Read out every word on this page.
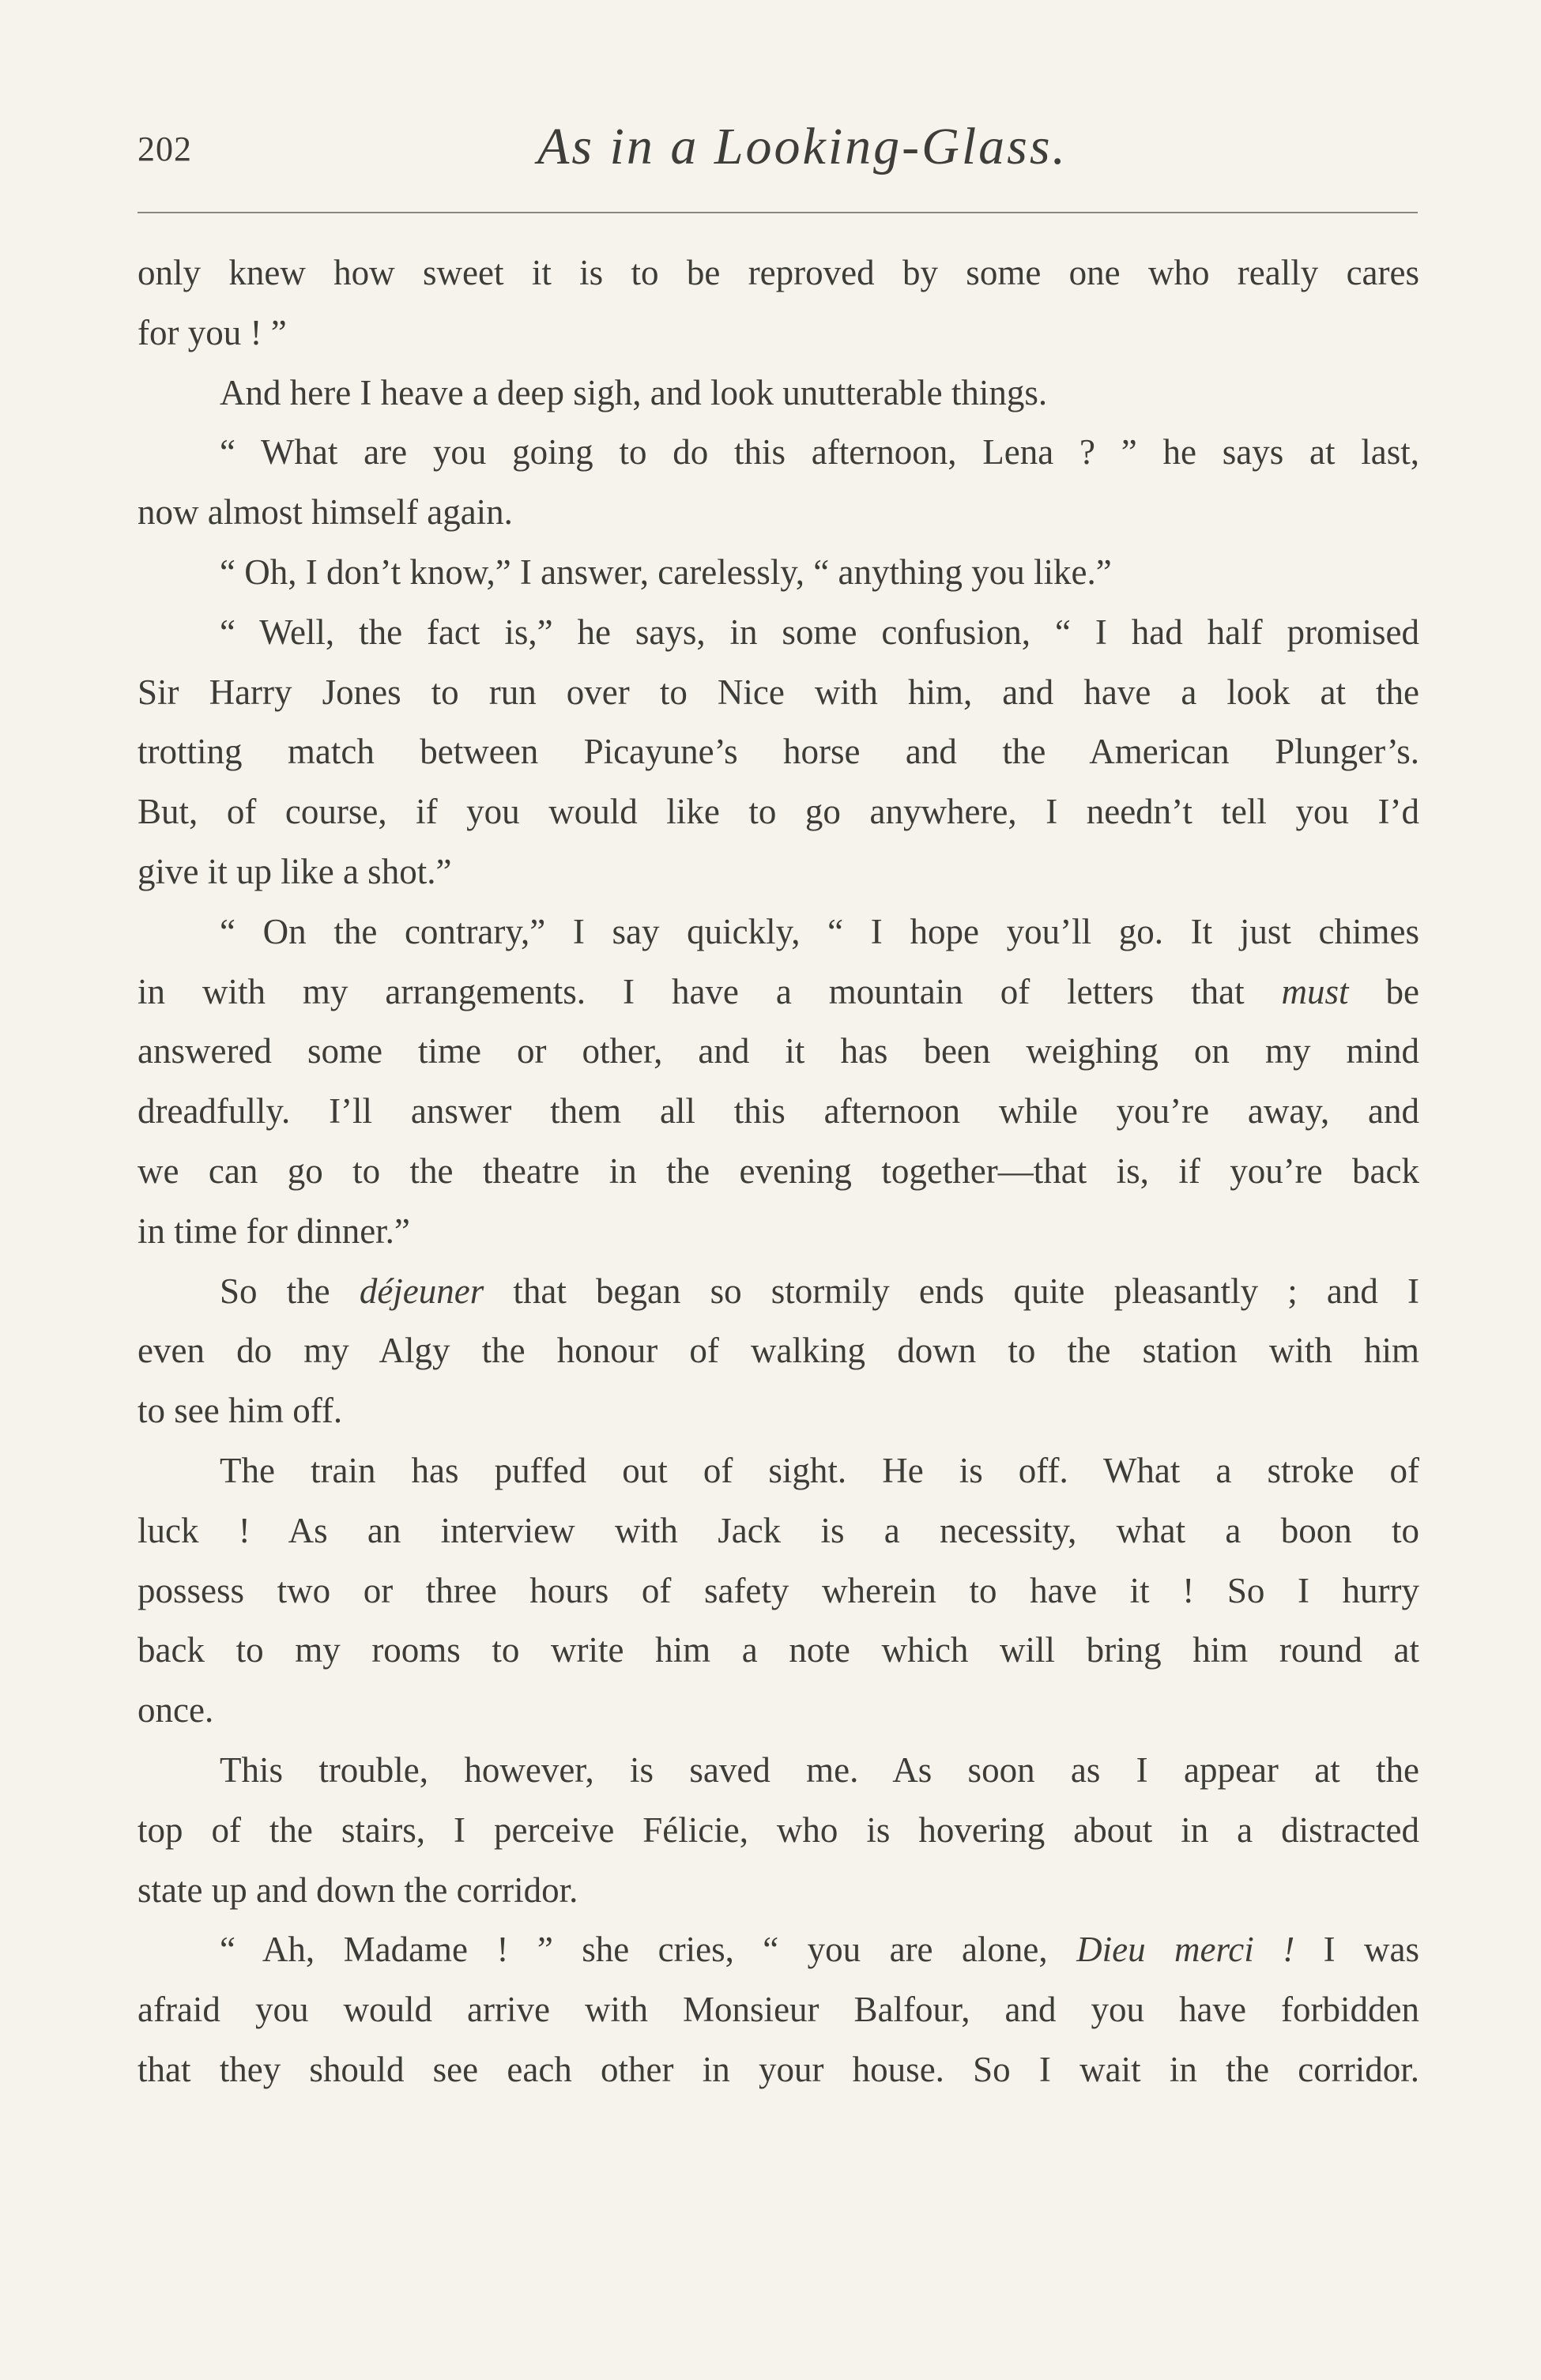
202	As in a Looking-Glass.
only knew how sweet it is to be reproved by some one who really cares
for you ! ”
And here I heave a deep sigh, and look unutterable things.
“ What are you going to do this afternoon, Lena ? ” he says at last,
now almost himself again.
“ Oh, I don’t know,” I answer, carelessly, “ anything you like.”
“ Well, the fact is,” he says, in some confusion, “ I had half promised
Sir Harry Jones to run over to Nice with him, and have a look at the
trotting match between Picayune’s horse and the American Plunger’s.
But, of course, if you would like to go anywhere, I needn’t tell you I’d
give it up like a shot.”
“ On the contrary,” I say quickly, “ I hope you’ll go. It just chimes
in with my arrangements. I have a mountain of letters that must be
answered some time or other, and it has been weighing on my mind
dreadfully. I’ll answer them all this afternoon while you’re away, and
we can go to the theatre in the evening together—that is, if you’re back
in time for dinner.”
So the déjeuner that began so stormily ends quite pleasantly ; and I
even do my Algy the honour of walking down to the station with him
to see him off.
The train has puffed out of sight. He is off. What a stroke of
luck ! As an interview with Jack is a necessity, what a boon to
possess two or three hours of safety wherein to have it ! So I hurry
back to my rooms to write him a note which will bring him round at
once.
This trouble, however, is saved me. As soon as I appear at the
top of the stairs, I perceive Félicie, who is hovering about in a distracted
state up and down the corridor.
“ Ah, Madame ! ” she cries, “ you are alone, Dieu merci ! I was
afraid you would arrive with Monsieur Balfour, and you have forbidden
that they should see each other in your house. So I wait in the corridor.
